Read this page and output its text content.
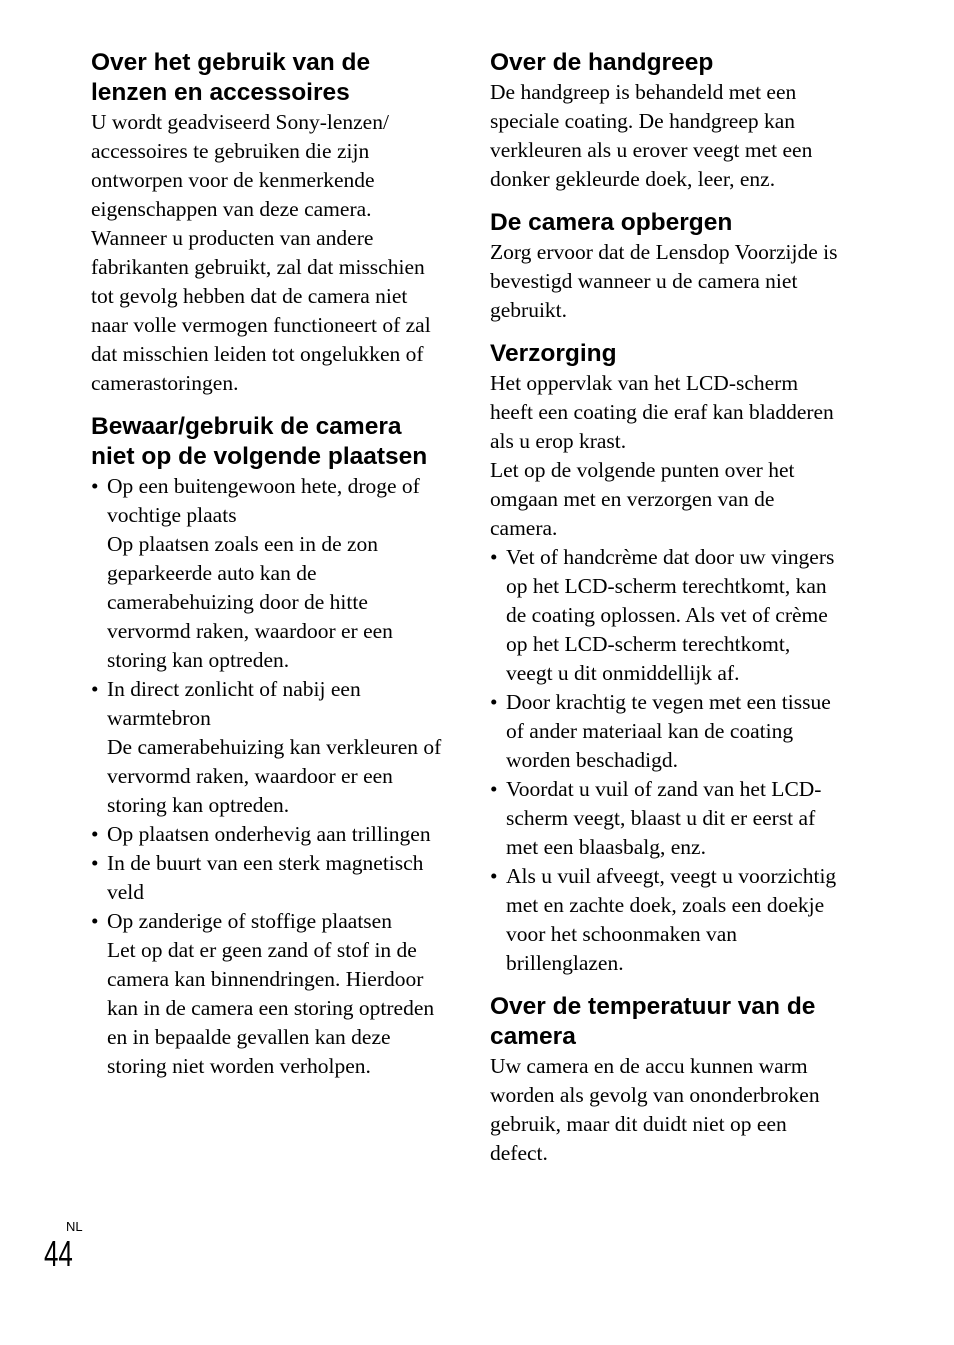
Over het gebruik van de lenzen en accessoires

U wordt geadviseerd Sony-lenzen/ accessoires te gebruiken die zijn ontworpen voor de kenmerkende eigenschappen van deze camera. Wanneer u producten van andere fabrikanten gebruikt, zal dat misschien tot gevolg hebben dat de camera niet naar volle vermogen functioneert of zal dat misschien leiden tot ongelukken of camerastoringen.

Bewaar/gebruik de camera niet op de volgende plaatsen
• Op een buitengewoon hete, droge of vochtige plaats
Op plaatsen zoals een in de zon geparkeerde auto kan de camerabehuizing door de hitte vervormd raken, waardoor er een storing kan optreden.
• In direct zonlicht of nabij een warmtebron
De camerabehuizing kan verkleuren of vervormd raken, waardoor er een storing kan optreden.
• Op plaatsen onderhevig aan trillingen
• In de buurt van een sterk magnetisch veld
• Op zanderige of stoffige plaatsen
Let op dat er geen zand of stof in de camera kan binnendringen. Hierdoor kan in de camera een storing optreden en in bepaalde gevallen kan deze storing niet worden verholpen.
Over de handgreep

De handgreep is behandeld met een speciale coating. De handgreep kan verkleuren als u erover veegt met een donker gekleurde doek, leer, enz.

De camera opbergen

Zorg ervoor dat de Lensdop Voorzijde is bevestigd wanneer u de camera niet gebruikt.

Verzorging

Het oppervlak van het LCD-scherm heeft een coating die eraf kan bladderen als u erop krast.

Let op de volgende punten over het omgaan met en verzorgen van de camera.

• Vet of handcrème dat door uw vingers op het LCD-scherm terechtkomt, kan de coating oplossen. Als vet of crème op het LCD-scherm terechtkomt, veegt u dit onmiddellijk af.
• Door krachtig te vegen met een tissue of ander materiaal kan de coating worden beschadigd.
• Voordat u vuil of zand van het LCD-scherm veegt, blaast u dit er eerst af met een blaasbalg, enz.
• Als u vuil afveegt, veegt u voorzichtig met en zachte doek, zoals een doekje voor het schoonmaken van brillenglazen.
Over de temperatuur van de camera

Uw camera en de accu kunnen warm worden als gevolg van ononderbroken gebruik, maar dit duidt niet op een defect.

NL
44
